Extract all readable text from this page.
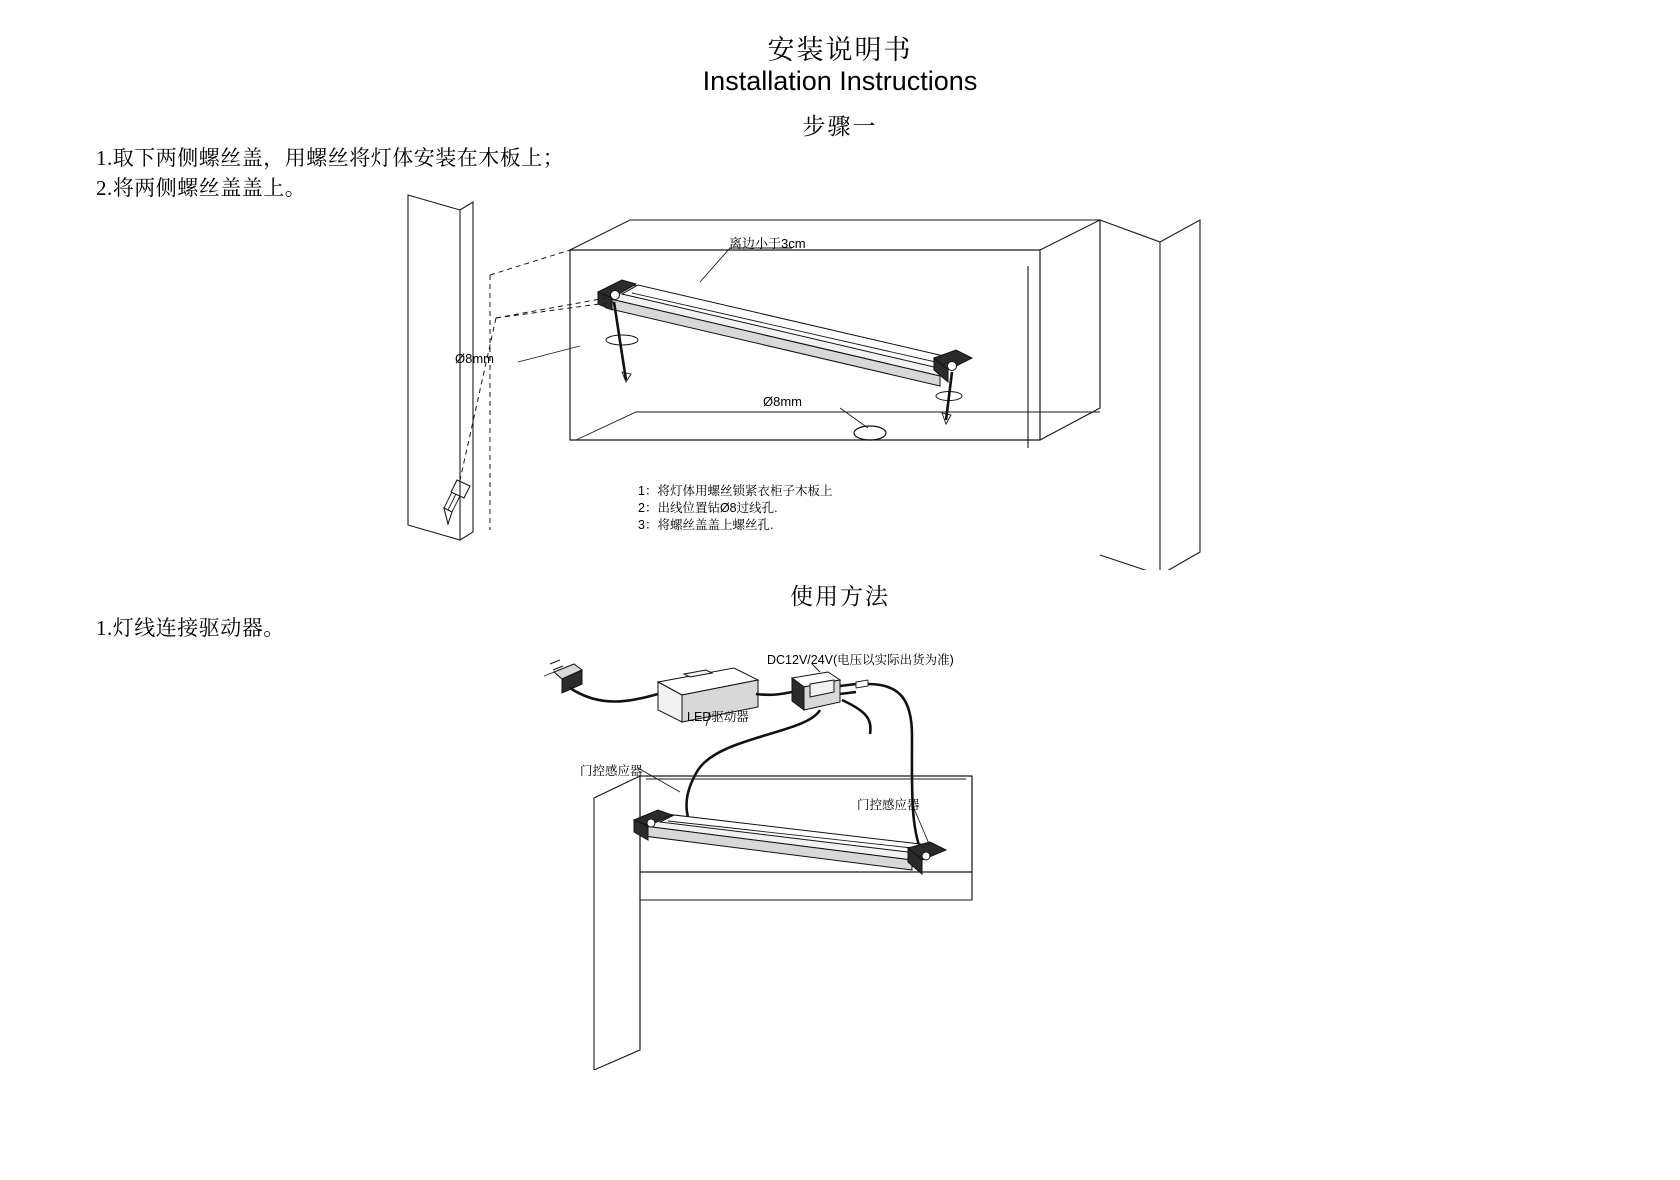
安装说明书
Installation Instructions
步骤一
1.取下两侧螺丝盖，用螺丝将灯体安装在木板上；
2.将两侧螺丝盖盖上。
离边小于3cm
Ø8mm
Ø8mm
1：将灯体用螺丝锁紧衣柜子木板上
2：出线位置钻Ø8过线孔.
3：将螺丝盖盖上螺丝孔.
使用方法
1.灯线连接驱动器。
DC12V/24V(电压以实际出货为准)
LED驱动器
门控感应器
门控感应器
